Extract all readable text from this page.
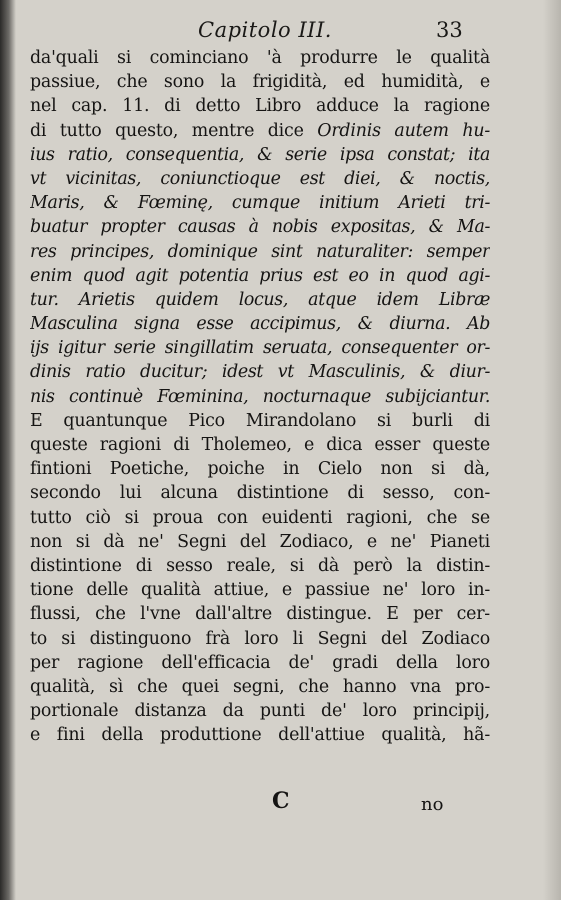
Capitolo III.	33
da'quali si cominciano 'à produrre le qualità
passiue, che sono la frigidità, ed humidità, e
nel cap. 11. di detto Libro adduce la ragione
di tutto questo, mentre dice Ordinis autem hu-
ius ratio, consequentia, & serie ipsa constat; ita
vt vicinitas, coniunctioque est diei, & noctis,
Maris, & Fœminę, cumque initium Arieti tri-
buatur propter causas à nobis expositas, & Ma-
res principes, dominique sint naturaliter: semper
enim quod agit potentia prius est eo in quod agi-
tur. Arietis quidem locus, atque idem Libræ
Masculina signa esse accipimus, & diurna. Ab
ijs igitur serie singillatim seruata, consequenter or-
dinis ratio ducitur; idest vt Masculinis, & diur-
nis continuè Fœminina, nocturnaque subijciantur.
E quantunque Pico Mirandolano si burli di
queste ragioni di Tholemeo, e dica esser queste
fintioni Poetiche, poiche in Cielo non si dà,
secondo lui alcuna distintione di sesso, con-
tutto ciò si proua con euidenti ragioni, che se
non si dà ne' Segni del Zodiaco, e ne' Pianeti
distintione di sesso reale, si dà però la distin-
tione delle qualità attiue, e passiue ne' loro in-
flussi, che l'vne dall'altre distingue. E per cer-
to si distinguono frà loro li Segni del Zodiaco
per ragione dell'efficacia de' gradi della loro
qualità, sì che quei segni, che hanno vna pro-
portionale distanza da punti de' loro principij,
e fini della produttione dell'attiue qualità, hã-
C	no
